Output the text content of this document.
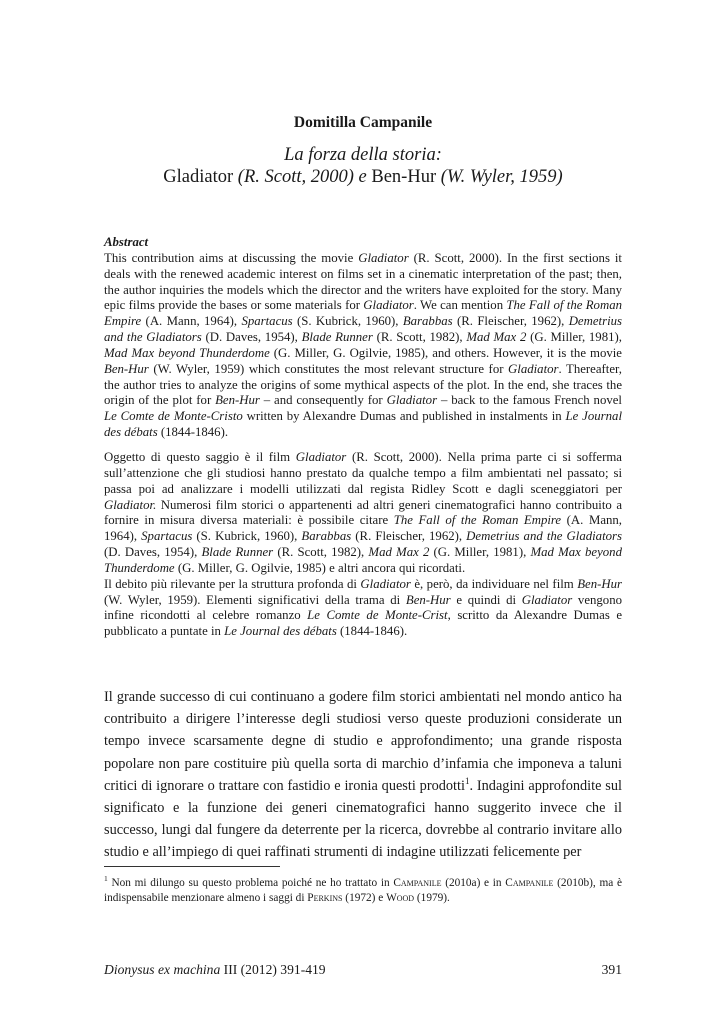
Domitilla Campanile
La forza della storia:
Gladiator (R. Scott, 2000) e Ben-Hur (W. Wyler, 1959)
Abstract

This contribution aims at discussing the movie Gladiator (R. Scott, 2000). In the first sections it deals with the renewed academic interest on films set in a cinematic interpretation of the past; then, the author inquiries the models which the director and the writers have exploited for the story. Many epic films provide the bases or some materials for Gladiator. We can mention The Fall of the Roman Empire (A. Mann, 1964), Spartacus (S. Kubrick, 1960), Barabbas (R. Fleischer, 1962), Demetrius and the Gladiators (D. Daves, 1954), Blade Runner (R. Scott, 1982), Mad Max 2 (G. Miller, 1981), Mad Max beyond Thunderdome (G. Miller, G. Ogilvie, 1985), and others. However, it is the movie Ben-Hur (W. Wyler, 1959) which constitutes the most relevant structure for Gladiator. Thereafter, the author tries to analyze the origins of some mythical aspects of the plot. In the end, she traces the origin of the plot for Ben-Hur – and consequently for Gladiator – back to the famous French novel Le Comte de Monte-Cristo written by Alexandre Dumas and published in instalments in Le Journal des débats (1844-1846).

Oggetto di questo saggio è il film Gladiator (R. Scott, 2000). Nella prima parte ci si sofferma sull’attenzione che gli studiosi hanno prestato da qualche tempo a film ambientati nel passato; si passa poi ad analizzare i modelli utilizzati dal regista Ridley Scott e dagli sceneggiatori per Gladiator. Numerosi film storici o appartenenti ad altri generi cinematografici hanno contribuito a fornire in misura diversa materiali: è possibile citare The Fall of the Roman Empire (A. Mann, 1964), Spartacus (S. Kubrick, 1960), Barabbas (R. Fleischer, 1962), Demetrius and the Gladiators (D. Daves, 1954), Blade Runner (R. Scott, 1982), Mad Max 2 (G. Miller, 1981), Mad Max beyond Thunderdome (G. Miller, G. Ogilvie, 1985) e altri ancora qui ricordati.

Il debito più rilevante per la struttura profonda di Gladiator è, però, da individuare nel film Ben-Hur (W. Wyler, 1959). Elementi significativi della trama di Ben-Hur e quindi di Gladiator vengono infine ricondotti al celebre romanzo Le Comte de Monte-Crist, scritto da Alexandre Dumas e pubblicato a puntate in Le Journal des débats (1844-1846).

Il grande successo di cui continuano a godere film storici ambientati nel mondo antico ha contribuito a dirigere l’interesse degli studiosi verso queste produzioni considerate un tempo invece scarsamente degne di studio e approfondimento; una grande risposta popolare non pare costituire più quella sorta di marchio d’infamia che imponeva a taluni critici di ignorare o trattare con fastidio e ironia questi prodotti$^1$. Indagini approfondite sul significato e la funzione dei generi cinematografici hanno suggerito invece che il successo, lungi dal fungere da deterrente per la ricerca, dovrebbe al contrario invitare allo studio e all’impiego di quei raffinati strumenti di indagine utilizzati felicemente per

$^1$ Non mi dilungo su questo problema poiché ne ho trattato in Campanile (2010a) e in Campanile (2010b), ma è indispensabile menzionare almeno i saggi di Perkins (1972) e Wood (1979).
Dionysus ex machina III (2012) 391-419	391
